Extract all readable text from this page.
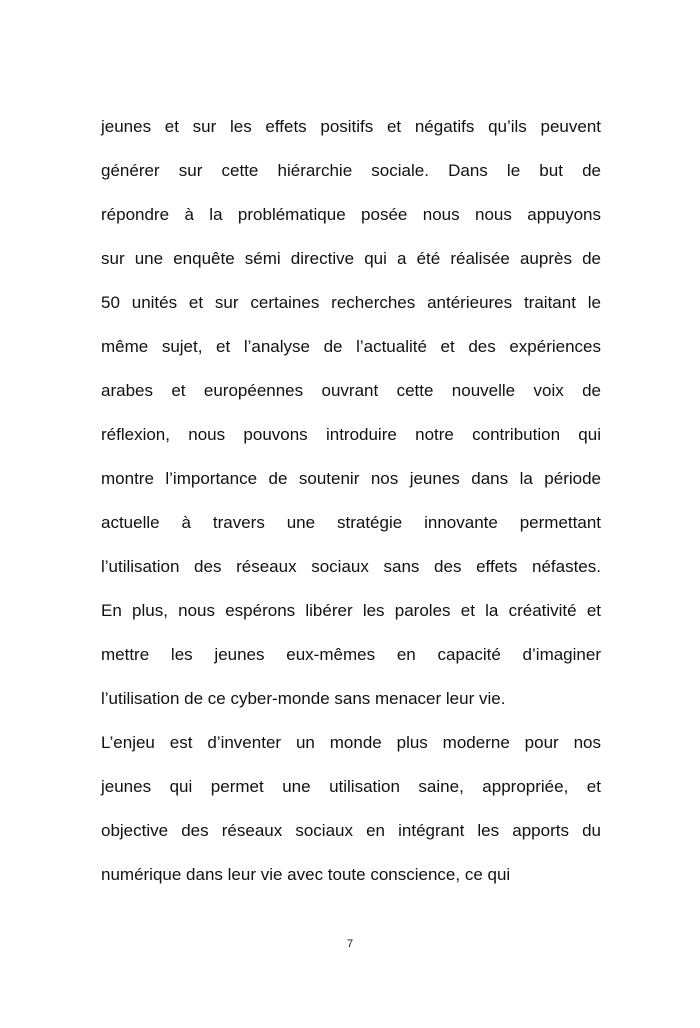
jeunes et sur les effets positifs et négatifs qu’ils peuvent
générer sur cette hiérarchie sociale. Dans le but de
répondre à la problématique posée nous nous appuyons
sur une enquête sémi directive qui a été réalisée auprès de
50 unités et sur certaines recherches antérieures traitant le
même sujet, et l’analyse de l’actualité et des expériences
arabes et européennes ouvrant cette nouvelle voix de
réflexion, nous pouvons introduire notre contribution qui
montre l’importance de soutenir nos jeunes dans la période
actuelle à travers une stratégie innovante permettant
l’utilisation des réseaux sociaux sans des effets néfastes.
En plus, nous espérons libérer les paroles et la créativité et
mettre les jeunes eux-mêmes en capacité d’imaginer
l’utilisation de ce cyber-monde sans menacer leur vie.
L’enjeu est d’inventer un monde plus moderne pour nos
jeunes qui permet une utilisation saine, appropriée, et
objective des réseaux sociaux en intégrant les apports du
numérique dans leur vie avec toute conscience, ce qui
7
